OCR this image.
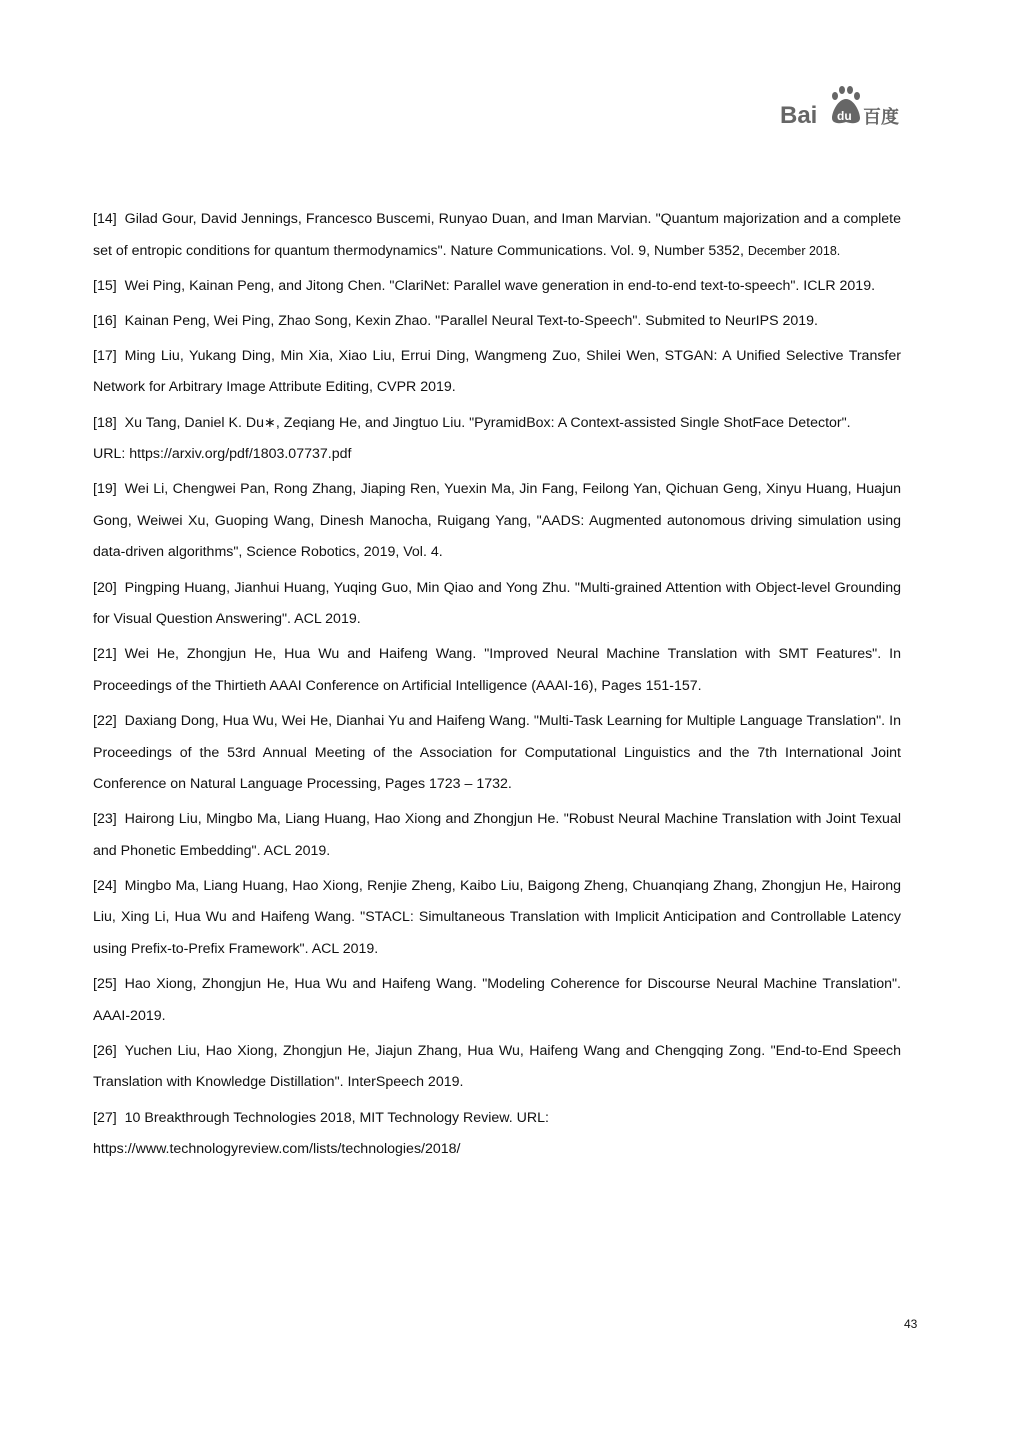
Bai	百度
du

[14] Gilad Gour, David Jennings, Francesco Buscemi, Runyao Duan, and Iman Marvian. "Quantum majorization and a complete set of entropic conditions for quantum thermodynamics". Nature Communications. Vol. 9, Number 5352, December 2018.

[15] Wei Ping, Kainan Peng, and Jitong Chen. "ClariNet: Parallel wave generation in end-to-end text-to-speech". ICLR 2019.

[16] Kainan Peng, Wei Ping, Zhao Song, Kexin Zhao. "Parallel Neural Text-to-Speech". Submited to NeurIPS 2019.

[17] Ming Liu, Yukang Ding, Min Xia, Xiao Liu, Errui Ding, Wangmeng Zuo, Shilei Wen, STGAN: A Unified Selective Transfer Network for Arbitrary Image Attribute Editing, CVPR 2019.

[18] Xu Tang, Daniel K. Du∗, Zeqiang He, and Jingtuo Liu. "PyramidBox: A Context-assisted Single ShotFace Detector".
URL: https://arxiv.org/pdf/1803.07737.pdf

[19] Wei Li, Chengwei Pan, Rong Zhang, Jiaping Ren, Yuexin Ma, Jin Fang, Feilong Yan, Qichuan Geng, Xinyu Huang, Huajun Gong, Weiwei Xu, Guoping Wang, Dinesh Manocha, Ruigang Yang, "AADS: Augmented autonomous driving simulation using data-driven algorithms", Science Robotics, 2019, Vol. 4.

[20] Pingping Huang, Jianhui Huang, Yuqing Guo, Min Qiao and Yong Zhu. "Multi-grained Attention with Object-level Grounding for Visual Question Answering". ACL 2019.

[21] Wei He, Zhongjun He, Hua Wu and Haifeng Wang. "Improved Neural Machine Translation with SMT Features". In Proceedings of the Thirtieth AAAI Conference on Artificial Intelligence (AAAI-16), Pages 151-157.

[22] Daxiang Dong, Hua Wu, Wei He, Dianhai Yu and Haifeng Wang. "Multi-Task Learning for Multiple Language Translation". In Proceedings of the 53rd Annual Meeting of the Association for Computational Linguistics and the 7th International Joint Conference on Natural Language Processing, Pages 1723 – 1732.

[23] Hairong Liu, Mingbo Ma, Liang Huang, Hao Xiong and Zhongjun He. "Robust Neural Machine Translation with Joint Texual and Phonetic Embedding". ACL 2019.

[24] Mingbo Ma, Liang Huang, Hao Xiong, Renjie Zheng, Kaibo Liu, Baigong Zheng, Chuanqiang Zhang, Zhongjun He, Hairong Liu, Xing Li, Hua Wu and Haifeng Wang. "STACL: Simultaneous Translation with Implicit Anticipation and Controllable Latency using Prefix-to-Prefix Framework". ACL 2019.

[25] Hao Xiong, Zhongjun He, Hua Wu and Haifeng Wang. "Modeling Coherence for Discourse Neural Machine Translation". AAAI-2019.

[26] Yuchen Liu, Hao Xiong, Zhongjun He, Jiajun Zhang, Hua Wu, Haifeng Wang and Chengqing Zong. "End-to-End Speech Translation with Knowledge Distillation". InterSpeech 2019.

[27] 10 Breakthrough Technologies 2018, MIT Technology Review. URL:
https://www.technologyreview.com/lists/technologies/2018/

43
